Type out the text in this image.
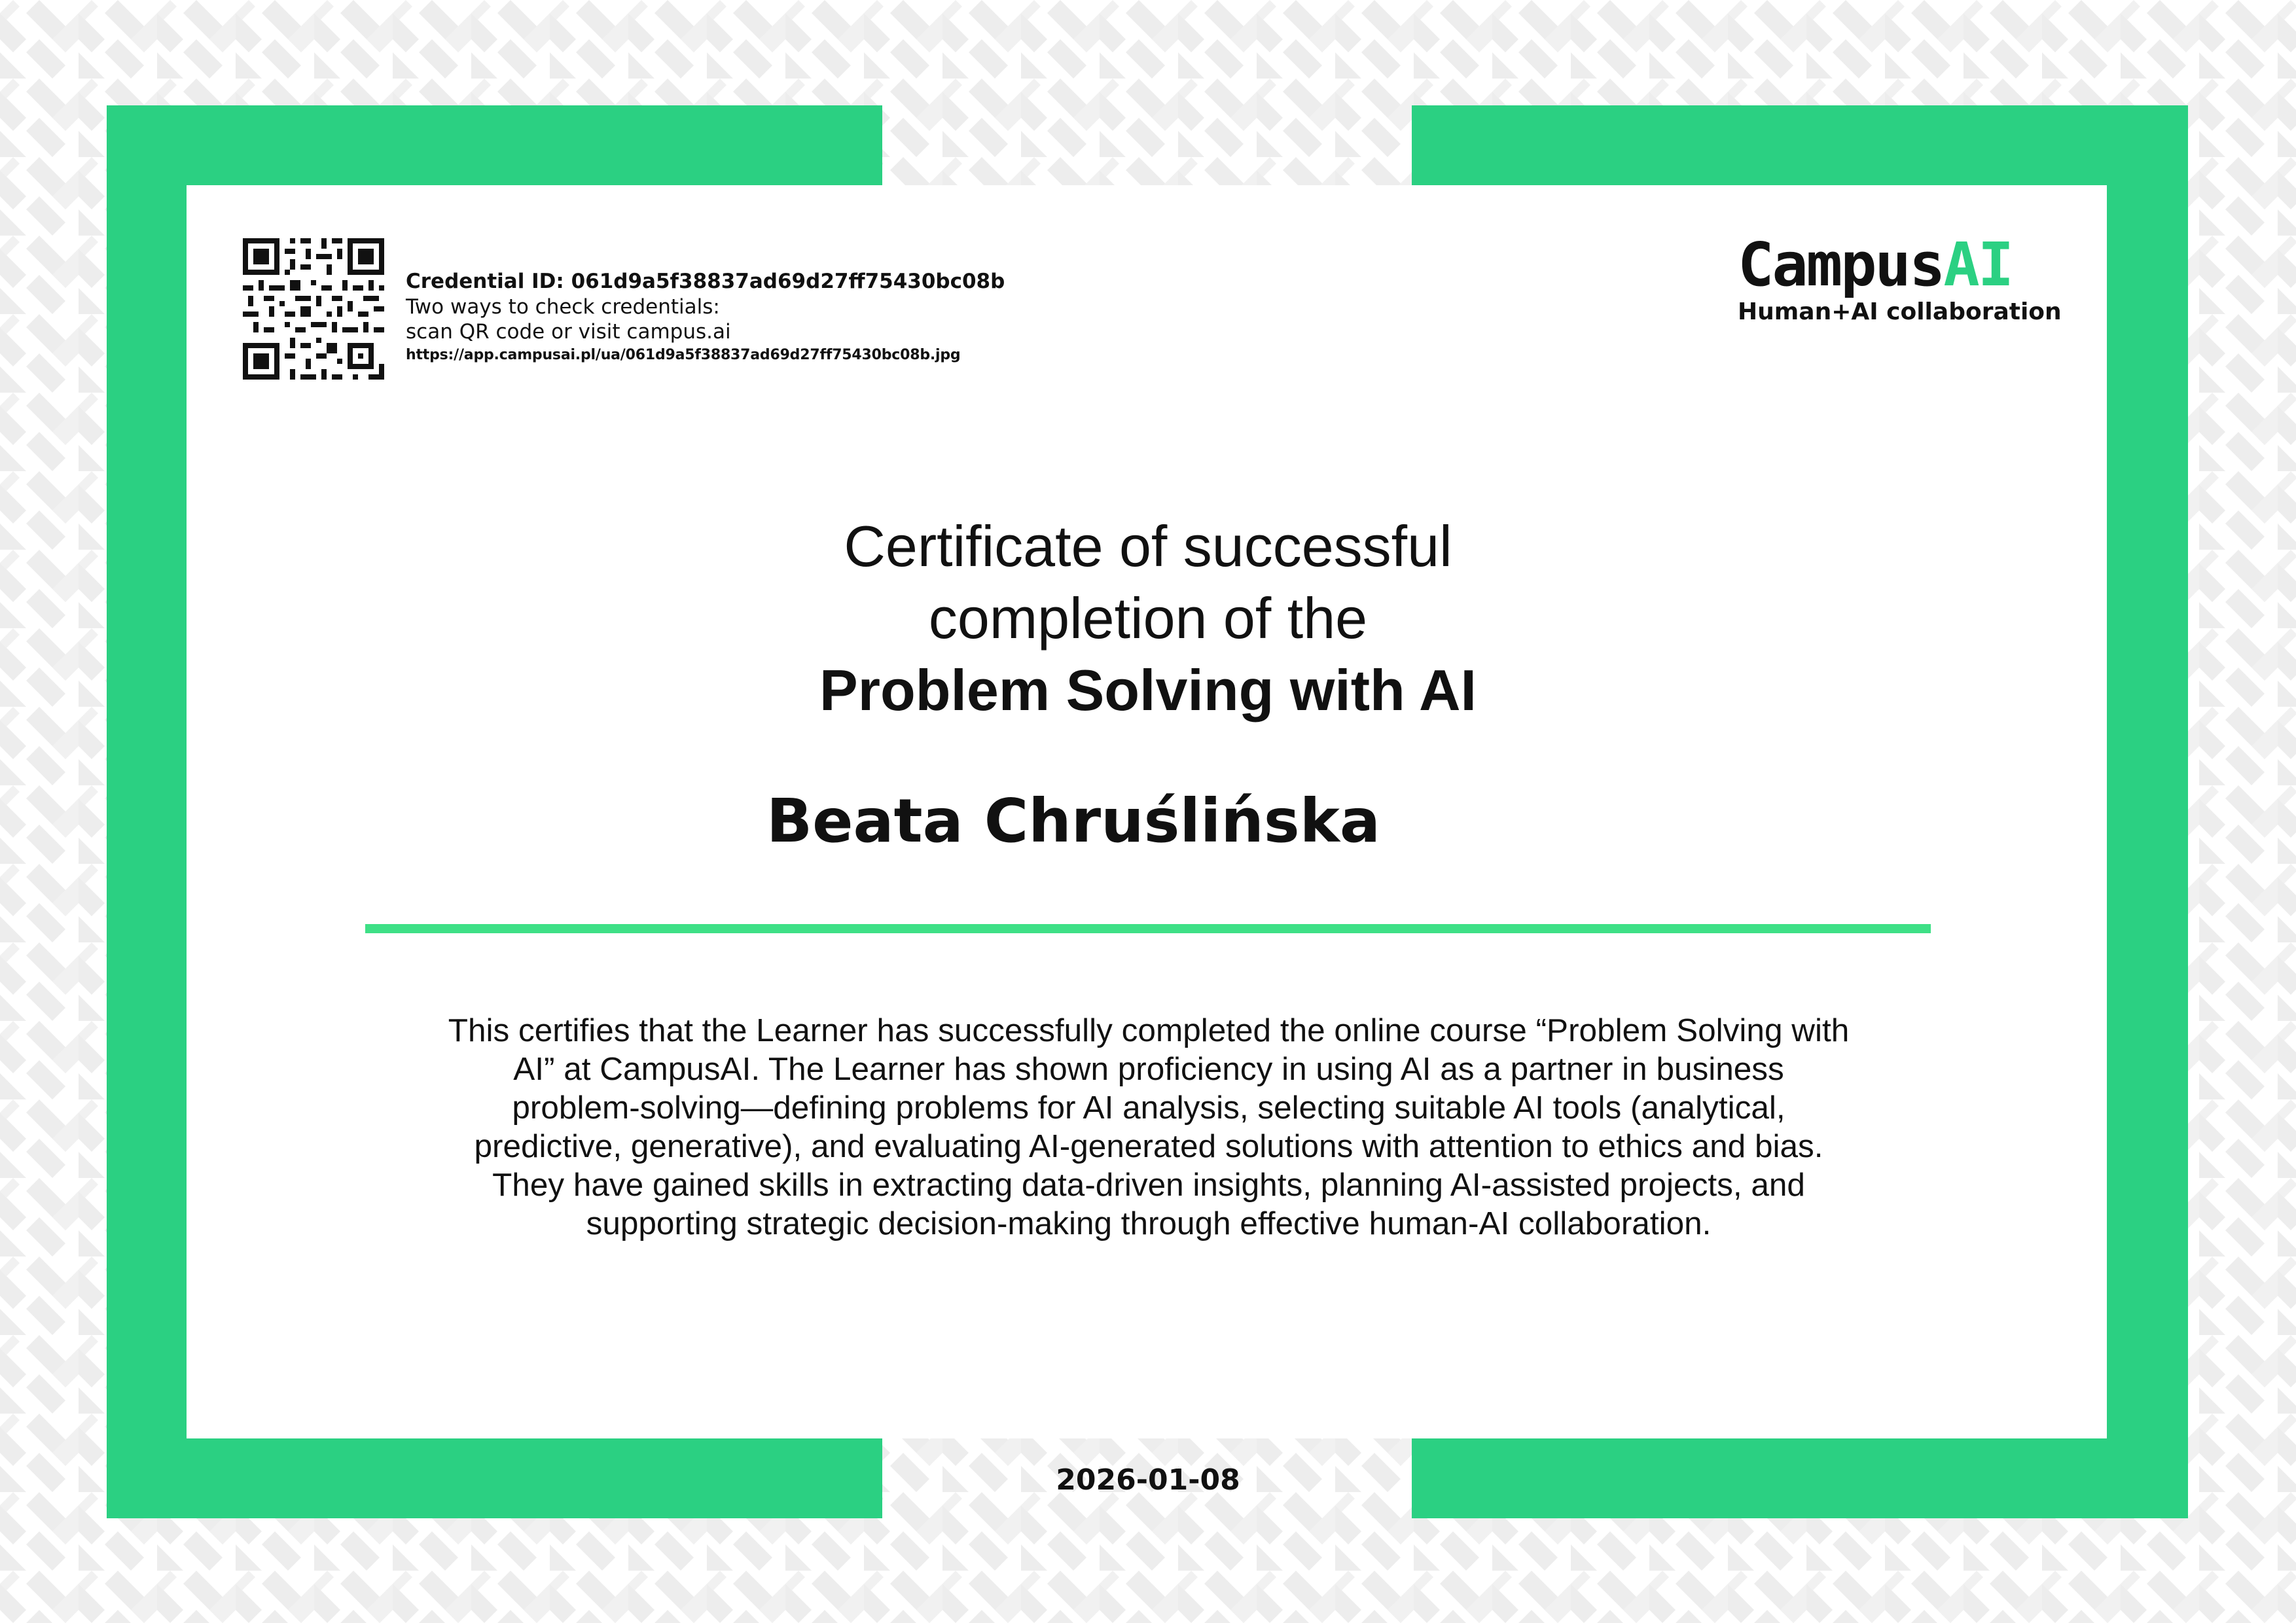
Credential ID: 061d9a5f38837ad69d27ff75430bc08b
Two ways to check credentials:
scan QR code or visit campus.ai
https://app.campusai.pl/ua/061d9a5f38837ad69d27ff75430bc08b.jpg
CampusAI
Human+AI collaboration
Certificate of successful
completion of the
Problem Solving with AI
Beata Chruślińska
This certifies that the Learner has successfully completed the online course “Problem Solving with AI” at CampusAI. The Learner has shown proficiency in using AI as a partner in business problem-solving—defining problems for AI analysis, selecting suitable AI tools (analytical, predictive, generative), and evaluating AI-generated solutions with attention to ethics and bias. They have gained skills in extracting data-driven insights, planning AI-assisted projects, and supporting strategic decision-making through effective human-AI collaboration.
2026-01-08
